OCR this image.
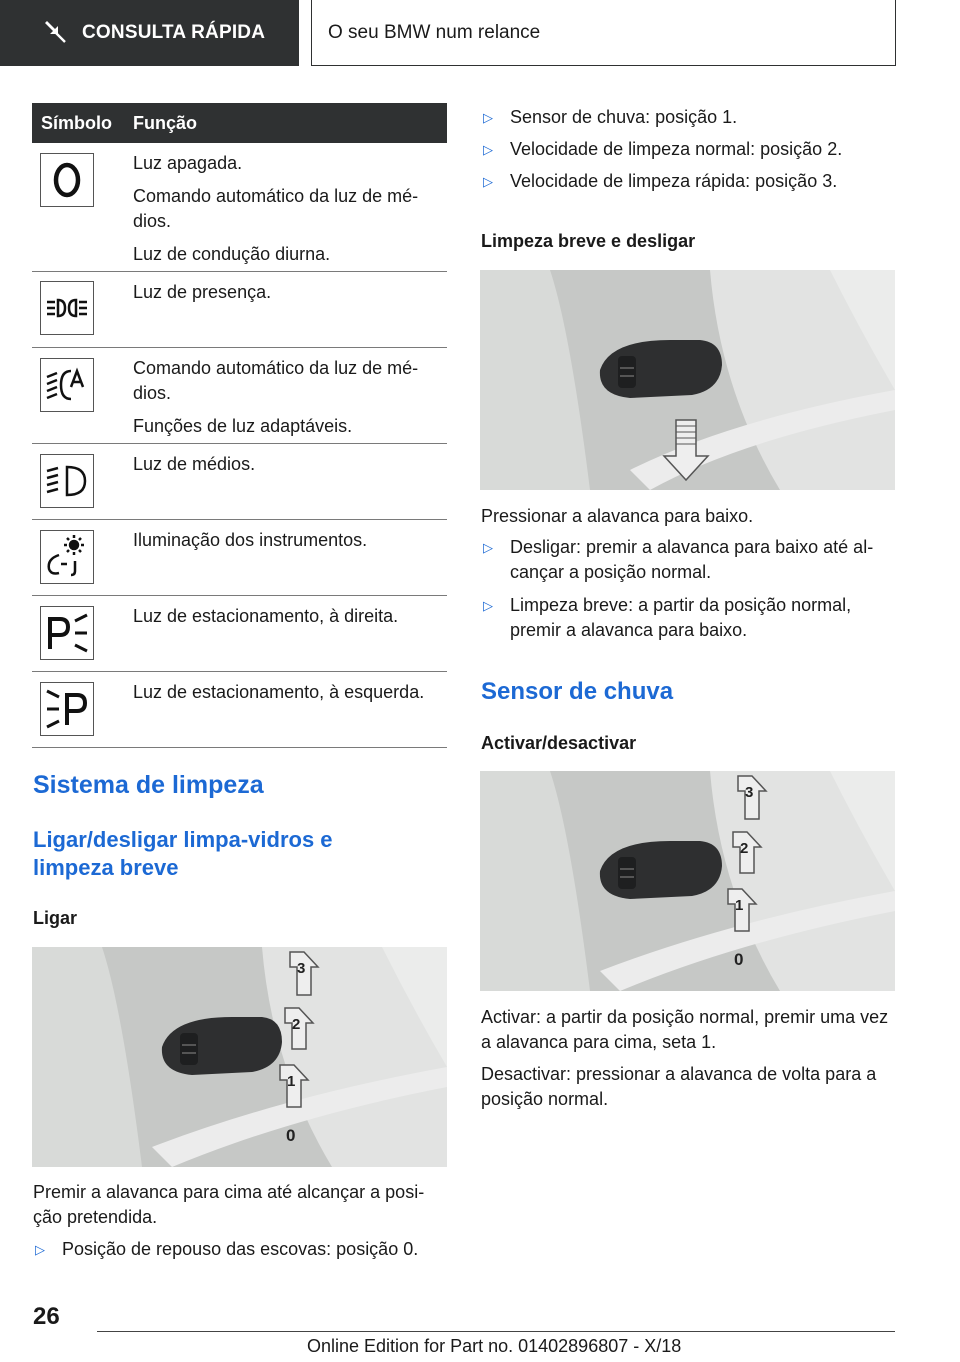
CONSULTA RÁPIDA	O seu BMW num relance
Símbolo	Função

Luz apagada.

Comando automático da luz de médios.

Luz de condução diurna.

Luz de presença.

Comando automático da luz de médios.

Funções de luz adaptáveis.

Luz de médios.

Iluminação dos instrumentos.

Luz de estacionamento, à direita.

Luz de estacionamento, à esquerda.

Sistema de limpeza
Ligar/desligar limpa-vidros e limpeza breve
Ligar
3
2
1
0
Premir a alavanca para cima até alcançar a posição pretendida.
▷ Posição de repouso das escovas: posição 0.
▷ Sensor de chuva: posição 1.
▷ Velocidade de limpeza normal: posição 2.
▷ Velocidade de limpeza rápida: posição 3.
Limpeza breve e desligar
Pressionar a alavanca para baixo.
▷ Desligar: premir a alavanca para baixo até alcançar a posição normal.
▷ Limpeza breve: a partir da posição normal, premir a alavanca para baixo.
Sensor de chuva
Activar/desactivar
3
2
1
0
Activar: a partir da posição normal, premir uma vez a alavanca para cima, seta 1.
Desactivar: pressionar a alavanca de volta para a posição normal.
26
Online Edition for Part no. 01402896807 - X/18
